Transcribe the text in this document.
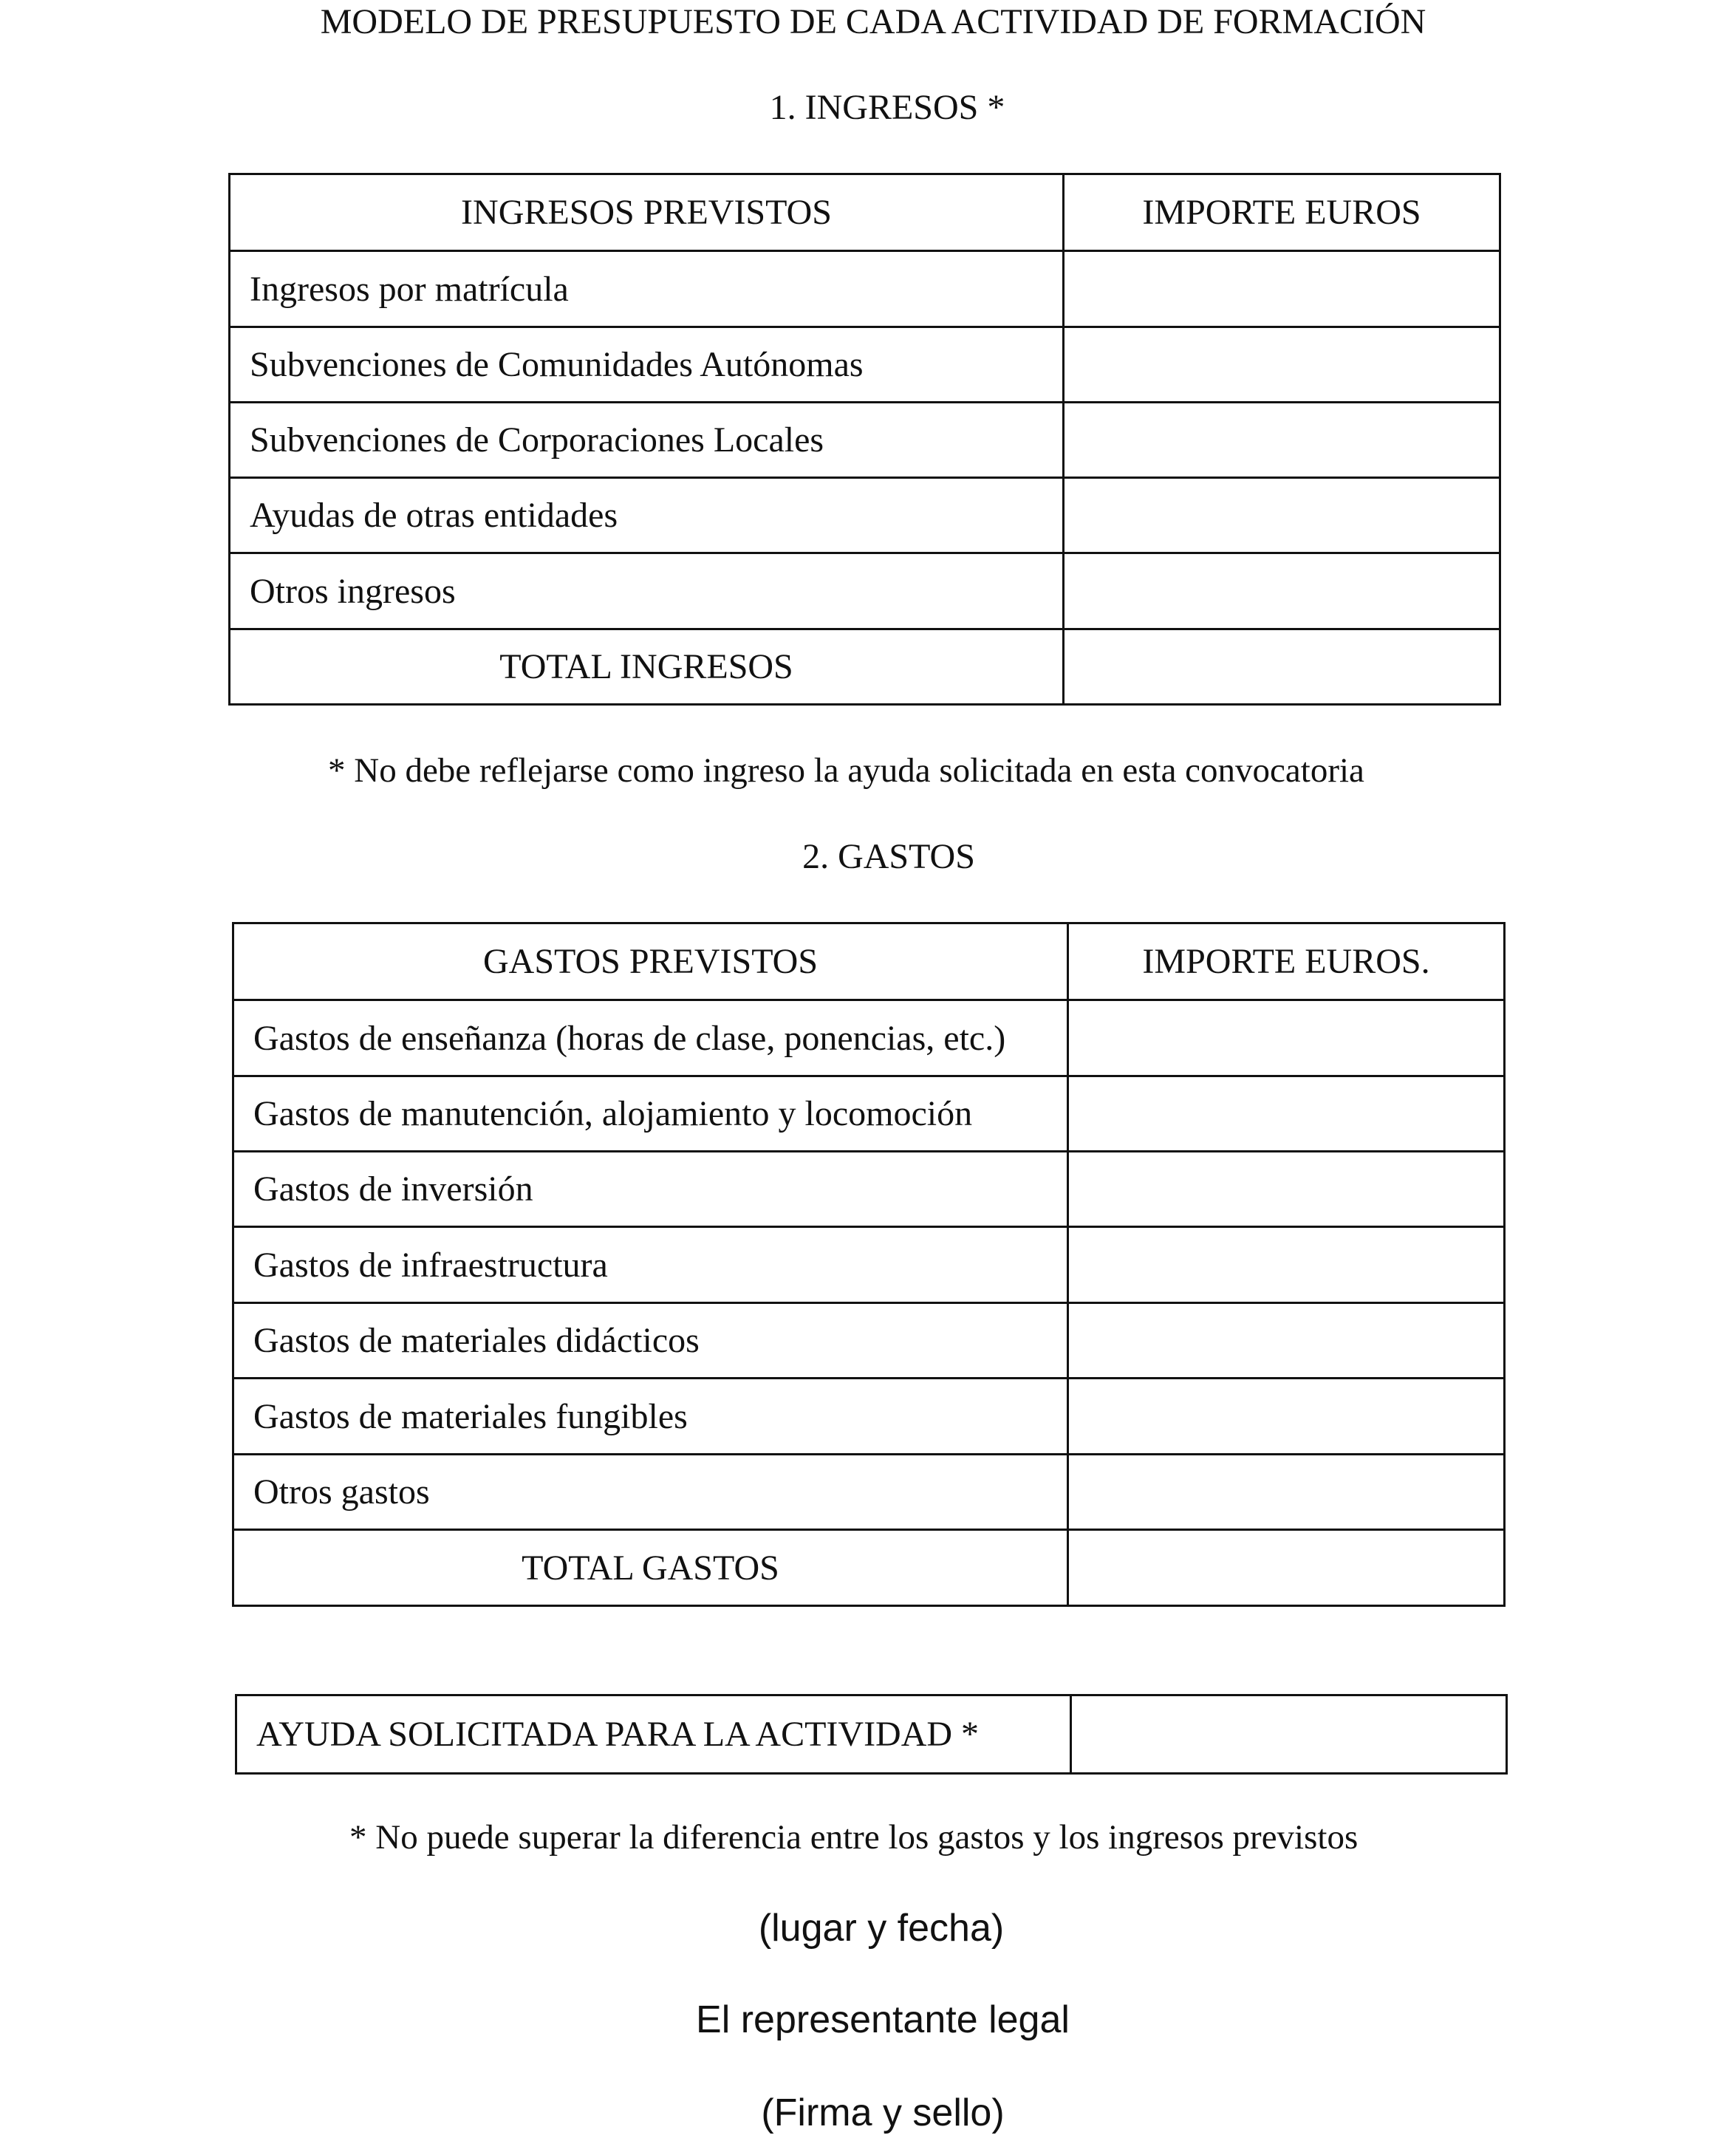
MODELO DE PRESUPUESTO DE CADA ACTIVIDAD DE FORMACIÓN
1. INGRESOS *
INGRESOS PREVISTOS	IMPORTE EUROS
Ingresos por matrícula	
Subvenciones de Comunidades Autónomas	
Subvenciones de Corporaciones Locales	
Ayudas de otras entidades	
Otros ingresos	
TOTAL INGRESOS	
* No debe reflejarse como ingreso la ayuda solicitada en esta convocatoria
2. GASTOS
GASTOS PREVISTOS	IMPORTE EUROS.
Gastos de enseñanza (horas de clase, ponencias, etc.)	
Gastos de manutención, alojamiento y locomoción	
Gastos de inversión	
Gastos de infraestructura	
Gastos de materiales didácticos	
Gastos de materiales fungibles	
Otros gastos	
TOTAL GASTOS	
AYUDA SOLICITADA PARA LA ACTIVIDAD *	
* No puede superar la diferencia entre los gastos y los ingresos previstos
(lugar y fecha)
El representante legal
(Firma y sello)
